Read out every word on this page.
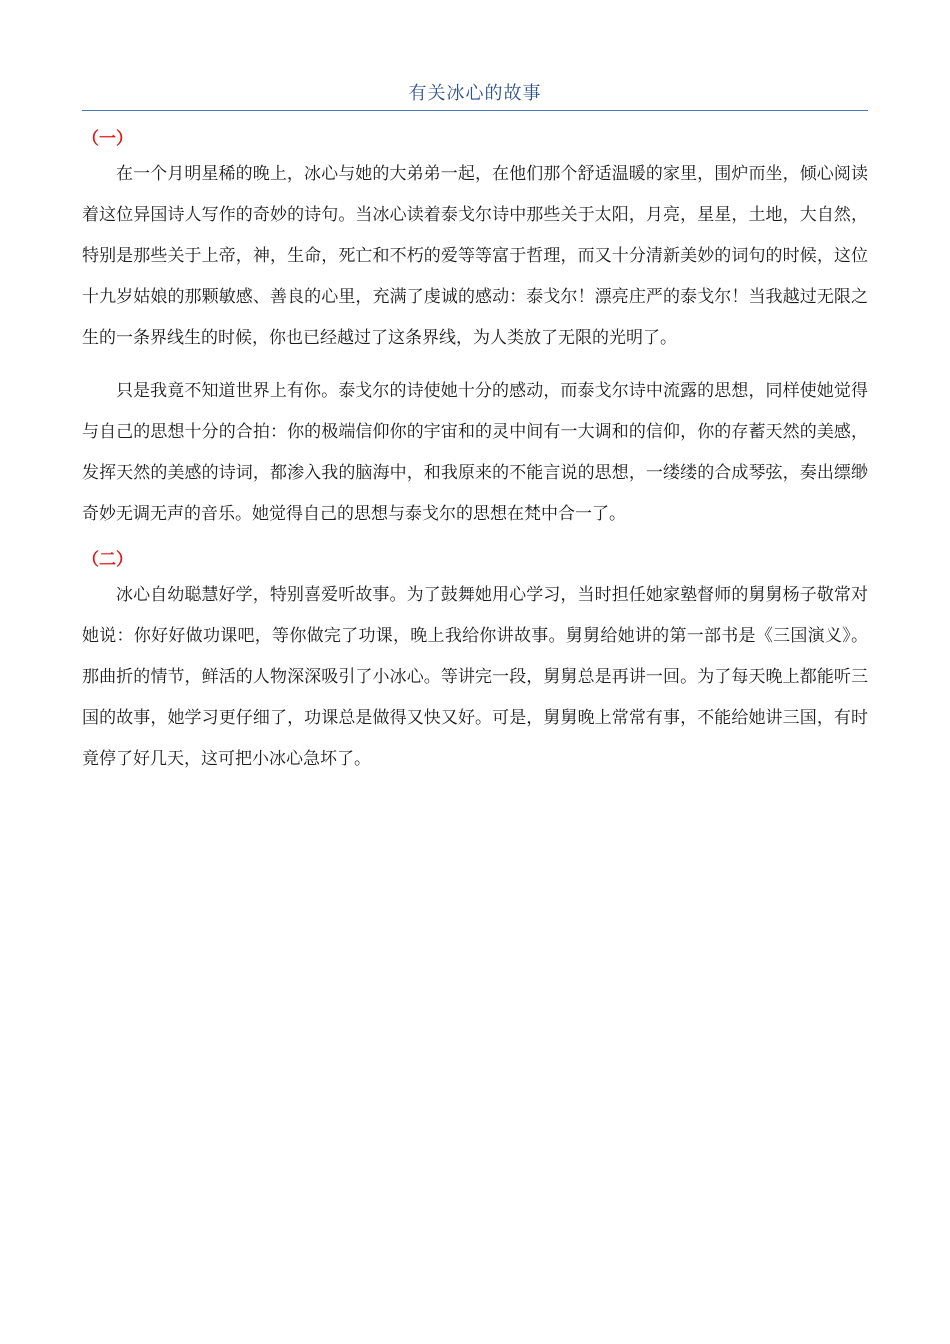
有关冰心的故事

（一）

在一个月明星稀的晚上，冰心与她的大弟弟一起，在他们那个舒适温暖的家里，围炉而坐，倾心阅读着这位异国诗人写作的奇妙的诗句。当冰心读着泰戈尔诗中那些关于太阳，月亮，星星，土地，大自然，特别是那些关于上帝，神，生命，死亡和不朽的爱等等富于哲理，而又十分清新美妙的词句的时候，这位十九岁姑娘的那颗敏感、善良的心里，充满了虔诚的感动：泰戈尔！漂亮庄严的泰戈尔！当我越过无限之生的一条界线生的时候，你也已经越过了这条界线，为人类放了无限的光明了。

只是我竟不知道世界上有你。泰戈尔的诗使她十分的感动，而泰戈尔诗中流露的思想，同样使她觉得与自己的思想十分的合拍：你的极端信仰你的宇宙和的灵中间有一大调和的信仰，你的存蓄天然的美感，发挥天然的美感的诗词，都渗入我的脑海中，和我原来的不能言说的思想，一缕缕的合成琴弦，奏出缥缈奇妙无调无声的音乐。她觉得自己的思想与泰戈尔的思想在梵中合一了。

（二）

冰心自幼聪慧好学，特别喜爱听故事。为了鼓舞她用心学习，当时担任她家塾督师的舅舅杨子敬常对她说：你好好做功课吧，等你做完了功课，晚上我给你讲故事。舅舅给她讲的第一部书是《三国演义》。那曲折的情节，鲜活的人物深深吸引了小冰心。等讲完一段，舅舅总是再讲一回。为了每天晚上都能听三国的故事，她学习更仔细了，功课总是做得又快又好。可是，舅舅晚上常常有事，不能给她讲三国，有时竟停了好几天，这可把小冰心急坏了。
